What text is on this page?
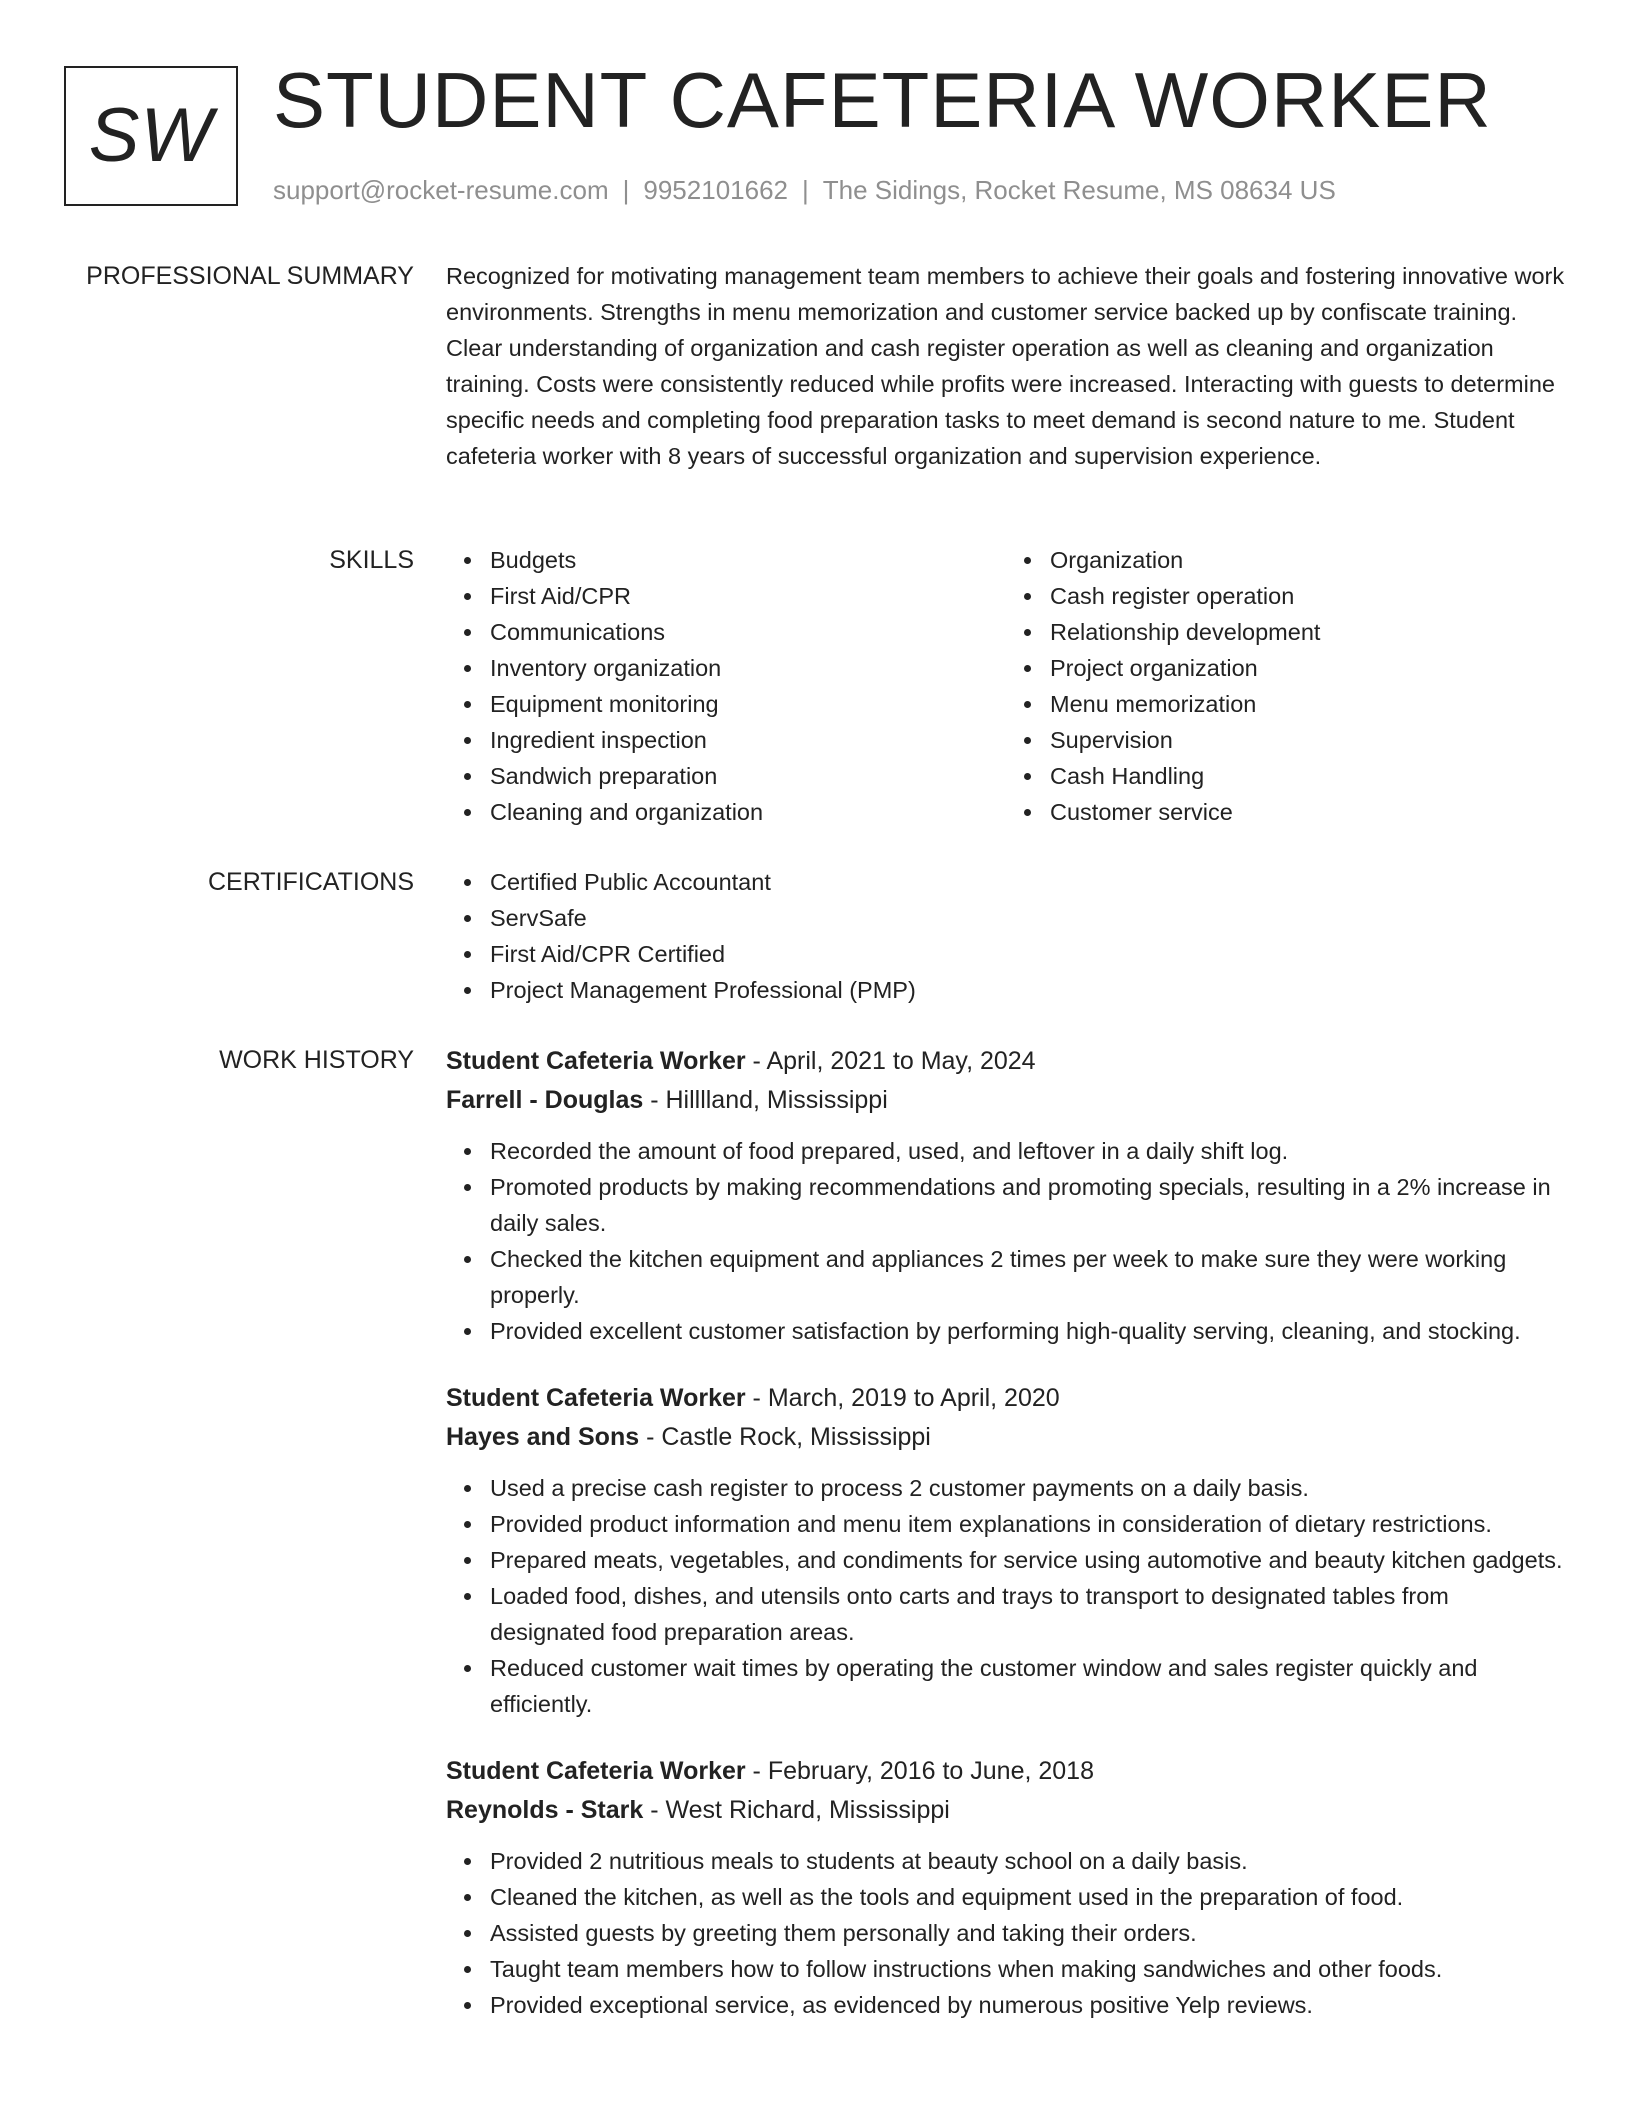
SW STUDENT CAFETERIA WORKER
support@rocket-resume.com | 9952101662 | The Sidings, Rocket Resume, MS 08634 US
PROFESSIONAL SUMMARY Recognized for motivating management team members to achieve their goals and fostering innovative work environments. Strengths in menu memorization and customer service backed up by confiscate training. Clear understanding of organization and cash register operation as well as cleaning and organization training. Costs were consistently reduced while profits were increased. Interacting with guests to determine specific needs and completing food preparation tasks to meet demand is second nature to me. Student cafeteria worker with 8 years of successful organization and supervision experience.

SKILLS	Budgets
First Aid/CPR
Communications
Inventory organization
Equipment monitoring
Ingredient inspection
Sandwich preparation
Cleaning and organization
Organization
Cash register operation
Relationship development
Project organization
Menu memorization
Supervision
Cash Handling
Customer service
CERTIFICATIONS	Certified Public Accountant
ServSafe
First Aid/CPR Certified
Project Management Professional (PMP)
WORK HISTORY Student Cafeteria Worker - April, 2021 to May, 2024
Farrell - Douglas - Hilllland, Mississippi
Recorded the amount of food prepared, used, and leftover in a daily shift log.
Promoted products by making recommendations and promoting specials, resulting in a 2% increase in daily sales.
Checked the kitchen equipment and appliances 2 times per week to make sure they were working properly.
Provided excellent customer satisfaction by performing high-quality serving, cleaning, and stocking.
Student Cafeteria Worker - March, 2019 to April, 2020
Hayes and Sons - Castle Rock, Mississippi
Used a precise cash register to process 2 customer payments on a daily basis.
Provided product information and menu item explanations in consideration of dietary restrictions.
Prepared meats, vegetables, and condiments for service using automotive and beauty kitchen gadgets.
Loaded food, dishes, and utensils onto carts and trays to transport to designated tables from designated food preparation areas.
Reduced customer wait times by operating the customer window and sales register quickly and efficiently.
Student Cafeteria Worker - February, 2016 to June, 2018
Reynolds - Stark - West Richard, Mississippi
Provided 2 nutritious meals to students at beauty school on a daily basis.
Cleaned the kitchen, as well as the tools and equipment used in the preparation of food.
Assisted guests by greeting them personally and taking their orders.
Taught team members how to follow instructions when making sandwiches and other foods.
Provided exceptional service, as evidenced by numerous positive Yelp reviews.
